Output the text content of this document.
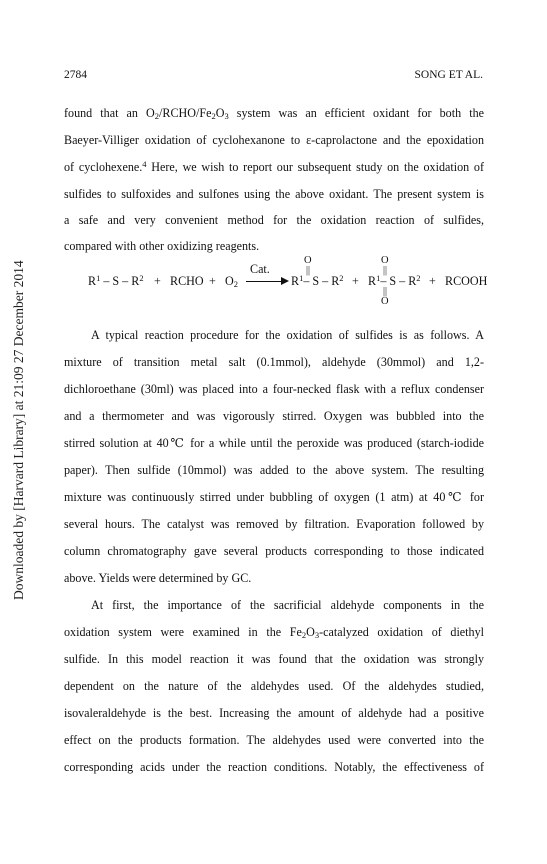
Downloaded by [Harvard Library] at 21:09 27 December 2014
2784	SONG ET AL.
found that an $O_2/RCHO/Fe_2O_3$ system was an efficient oxidant for both the
Baeyer-Villiger oxidation of cyclohexanone to ε-caprolactone and the epoxidation
of cyclohexene.$^4$ Here, we wish to report our subsequent study on the oxidation of
sulfides to sulfoxides and sulfones using the above oxidant. The present system is
a safe and very convenient method for the oxidation reaction of sulfides,
compared with other oxidizing reagents.
$R^1$ – S – $R^2$ + RCHO + $O_2$
Cat.
O
||
$R^1-$ S – $R^2$ +
O
||
$R^1-$ S – $R^2$
||
O
+ RCOOH
A typical reaction procedure for the oxidation of sulfides is as follows. A
mixture of transition metal salt (0.1mmol), aldehyde (30mmol) and 1,2-
dichloroethane (30ml) was placed into a four-necked flask with a reflux condenser
and a thermometer and was vigorously stirred. Oxygen was bubbled into the
stirred solution at 40℃ for a while until the peroxide was produced (starch-iodide
paper). Then sulfide (10mmol) was added to the above system. The resulting
mixture was continuously stirred under bubbling of oxygen (1 atm) at 40℃ for
several hours. The catalyst was removed by filtration. Evaporation followed by
column chromatography gave several products corresponding to those indicated
above. Yields were determined by GC.
At first, the importance of the sacrificial aldehyde components in the
oxidation system were examined in the $Fe_2O_3$-catalyzed oxidation of diethyl
sulfide. In this model reaction it was found that the oxidation was strongly
dependent on the nature of the aldehydes used. Of the aldehydes studied,
isovaleraldehyde is the best. Increasing the amount of aldehyde had a positive
effect on the products formation. The aldehydes used were converted into the
corresponding acids under the reaction conditions. Notably, the effectiveness of
